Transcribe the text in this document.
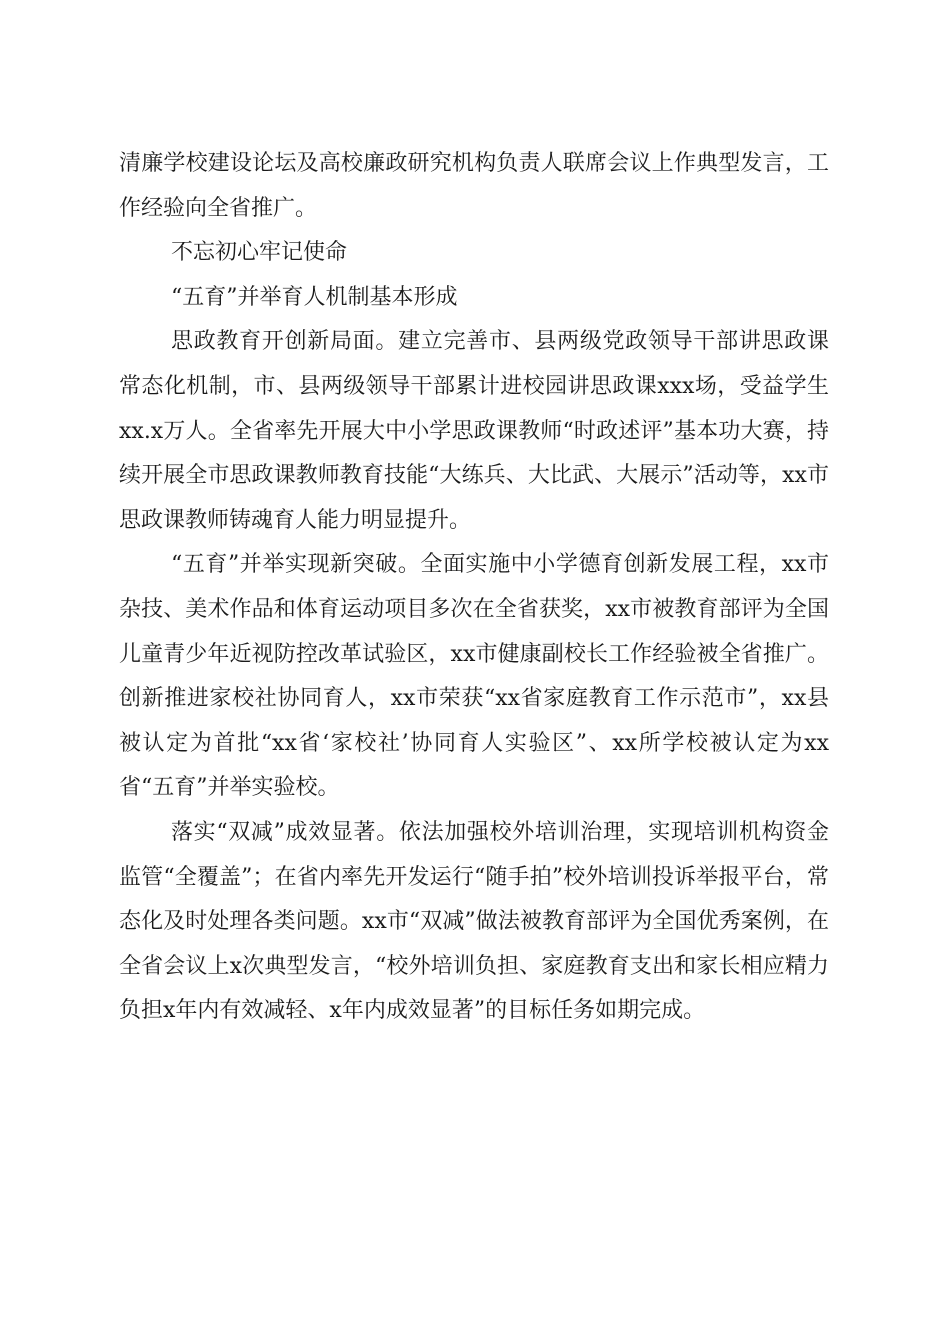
清廉学校建设论坛及高校廉政研究机构负责人联席会议上作典型发言，工作经验向全省推广。

不忘初心牢记使命

“五育”并举育人机制基本形成

思政教育开创新局面。建立完善市、县两级党政领导干部讲思政课常态化机制，市、县两级领导干部累计进校园讲思政课xxx场，受益学生xx.x万人。全省率先开展大中小学思政课教师“时政述评”基本功大赛，持续开展全市思政课教师教育技能“大练兵、大比武、大展示”活动等，xx市思政课教师铸魂育人能力明显提升。

“五育”并举实现新突破。全面实施中小学德育创新发展工程，xx市杂技、美术作品和体育运动项目多次在全省获奖，xx市被教育部评为全国儿童青少年近视防控改革试验区，xx市健康副校长工作经验被全省推广。创新推进家校社协同育人，xx市荣获“xx省家庭教育工作示范市”，xx县被认定为首批“xx省‘家校社’协同育人实验区”、xx所学校被认定为xx省“五育”并举实验校。

落实“双减”成效显著。依法加强校外培训治理，实现培训机构资金监管“全覆盖”；在省内率先开发运行“随手拍”校外培训投诉举报平台，常态化及时处理各类问题。xx市“双减”做法被教育部评为全国优秀案例，在全省会议上x次典型发言，“校外培训负担、家庭教育支出和家长相应精力负担x年内有效减轻、x年内成效显著”的目标任务如期完成。
